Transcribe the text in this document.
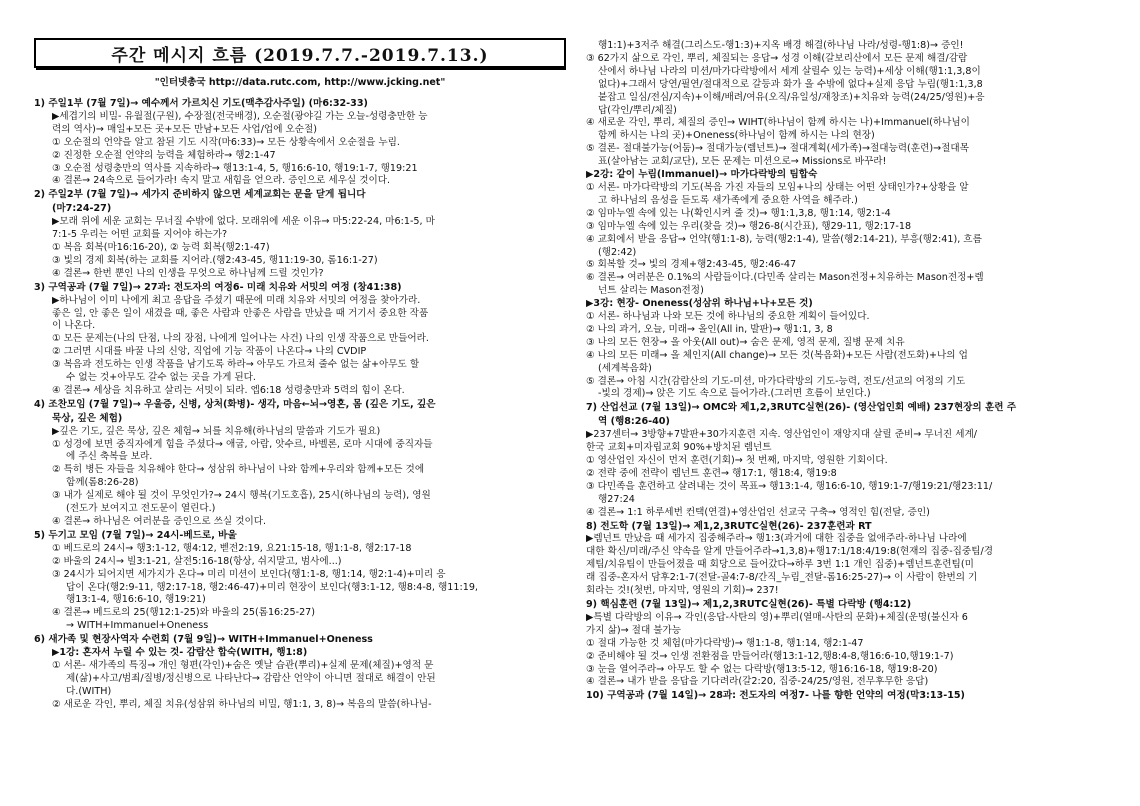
주간 메시지 흐름 (2019.7.7.-2019.7.13.)
"인터넷총국 http://data.rutc.com, http://www.jcking.net"
1) 주일1부 (7월 7일)→ 예수께서 가르치신 기도(맥추감사주일) (마6:32-33)
▶세겹기의 비밀- 유월절(구원), 수장절(전국배경), 오순절(광야길 가는 오늘-성령충만한 능
력의 역사)→ 매일+모든 곳+모든 만남+모든 사업/업에 오순절)
① 오순절의 언약을 알고 참된 기도 시작(마6:33)→ 모든 상황속에서 오순절을 누림.
② 진정한 오순절 언약의 능력을 체험하라→ 행2:1-47
③ 오순절 성령충만의 역사를 지속하라→ 행13:1-4, 5, 행16:6-10, 행19:1-7, 행19:21
④ 결론→ 24속으로 들어가라! 속지 말고 새힘을 얻으라. 증인으로 세우실 것이다.
2) 주일2부 (7월 7일)→ 세가지 준비하지 않으면 세계교회는 문을 닫게 됩니다
(마7:24-27)
▶모래 위에 세운 교회는 무너질 수밖에 없다. 모래위에 세운 이유→ 마5:22-24, 마6:1-5, 마
7:1-5 우리는 어떤 교회를 지어야 하는가?
① 복음 회복(마16:16-20), ② 능력 회복(행2:1-47)
③ 빛의 경제 회복(하는 교회를 지어라.(행2:43-45, 행11:19-30, 롬16:1-27)
④ 결론→ 한번 뿐인 나의 인생을 무엇으로 하나님께 드릴 것인가?
3) 구역공과 (7월 7일)→ 27과: 전도자의 여정6- 미래 치유와 서밋의 여정 (창41:38)
▶하나님이 이미 나에게 최고 응답을 주셨기 때문에 미래 치유와 서밋의 여정을 찾아가라.
좋은 일, 안 좋은 일이 새겼을 때, 좋은 사람과 안좋은 사람을 만났을 때 거기서 중요한 작품
이 나온다.
① 모든 문제는(나의 단점, 나의 장점, 나에게 일어나는 사건) 나의 인생 작품으로 만들어라.
② 그러면 시대를 바꿀 나의 신앙, 직업에 기능 작품이 나온다→ 나의 CVDIP
③ 복음과 전도하는 인생 작품을 남기도록 하라→ 아무도 가르쳐 줄수 없는 삶+아무도 할
수 없는 것+아무도 갈수 없는 곳을 가게 된다.
④ 결론→ 세상을 치유하고 살리는 서밋이 되라. 엡6:18 성령충만과 5력의 힘이 온다.
4) 조찬모임 (7월 7일)→ 우울증, 신병, 상처(화병)- 생각, 마음←뇌→영혼, 몸 (깊은 기도, 깊은
묵상, 깊은 체험)
▶깊은 기도, 깊은 묵상, 깊은 체험→ 뇌를 치유해(하나님의 말씀과 기도가 필요)
① 성경에 보면 중직자에게 힘을 주셨다→ 애굽, 아람, 앗수르, 바벨론, 로마 시대에 중직자들
에 주신 축복을 보라.
② 특히 병든 자들을 치유해야 한다→ 성삼위 하나님이 나와 함께+우리와 함께+모든 것에
함께(롬8:26-28)
③ 내가 실제로 해야 될 것이 무엇인가?→ 24시 행복(기도호흡), 25시(하나님의 능력), 영원
(전도가 보여지고 전도문이 열린다.)
④ 결론→ 하나님은 여러분을 증인으로 쓰실 것이다.
5) 두기고 모임 (7월 7일)→ 24시-베드로, 바울
① 베드로의 24시→ 행3:1-12, 행4:12, 벧전2:19, 요21:15-18, 행1:1-8, 행2:17-18
② 바울의 24시→ 빌3:1-21, 살전5:16-18(항상, 쉬지말고, 범사에...)
③ 24시가 되어지면 세가지가 온다→ 미리 미션이 보인다(행1:1-8, 행1:14, 행2:1-4)+미리 응
답이 온다(행2:9-11, 행2:17-18, 행2:46-47)+미리 현장이 보인다(행3:1-12, 행8:4-8, 행11:19,
행13:1-4, 행16:6-10, 행19:21)
④ 결론→ 베드로의 25(행12:1-25)와 바울의 25(롬16:25-27)
→ WITH+Immanuel+Oneness
6) 새가족 및 현장사역자 수련회 (7월 9일)→ WITH+Immanuel+Oneness
▶1강: 혼자서 누릴 수 있는 것- 감람산 합숙(WITH, 행1:8)
① 서론- 새가족의 특징→ 개인 형편(각인)+숨은 옛날 습관(뿌리)+실제 문제(체질)+영적 문
제(삶)+사고/범죄/질병/정신병으로 나타난다→ 감람산 언약이 아니면 절대로 해결이 안된
다.(WITH)
② 새로운 각인, 뿌리, 체질 치유(성삼위 하나님의 비밀, 행1:1, 3, 8)→ 복음의 말씀(하나님-
행1:1)+3저주 해결(그리스도-행1:3)+지옥 배경 해결(하나님 나라/성령-행1:8)→ 증인!
③ 62가지 삶으로 각인, 뿌리, 체질되는 응답→ 성경 이해(갈보리산에서 모든 문제 해결/감람
산에서 하나님 나라의 미션/마가다락방에서 세계 살릴수 있는 능력)+세상 이해(행1:1,3,8이
없다)+그래서 당연/필연/절대적으로 갈등과 화가 올 수밖에 없다+실제 응답 누림(행1:1,3,8
붙잡고 일심/전심/지속)+이해/배려/여유(오직/유일성/재창조)+치유와 능력(24/25/영원)+응
답(각인/뿌리/체질)
④ 새로운 각인, 뿌리, 체질의 증인→ WIHT(하나님이 함께 하시는 나)+Immanuel(하나님이
함께 하시는 나의 곳)+Oneness(하나님이 함께 하시는 나의 현장)
⑤ 결론- 절대불가능(어둠)→ 절대가능(렘넌트)→ 절대계획(세가족)→절대능력(훈련)→절대목
표(살아남는 교회/교단), 모든 문제는 미션으로→ Missions로 바꾸라!
▶2강: 같이 누림(Immanuel)→ 마가다락방의 팀합숙
① 서론- 마가다락방의 기도(복음 가진 자들의 모임+나의 상태는 어떤 상태인가?+상황을 알
고 하나님의 음성을 듣도록 새가족에게 중요한 사역을 해주라.)
② 임마누엘 속에 있는 나(확인시켜 줄 것)→ 행1:1,3,8, 행1:14, 행2:1-4
③ 임마누엘 속에 있는 우리(찾을 것)→ 행26-8(시간표), 행29-11, 행2:17-18
④ 교회에서 받을 응답→ 언약(행1:1-8), 능력(행2:1-4), 말씀(행2:14-21), 부흥(행2:41), 흐름
(행2:42)
⑤ 회복할 것→ 빛의 경제+행2:43-45, 행2:46-47
⑥ 결론→ 여러분은 0.1%의 사람들이다.(다민족 살리는 Mason전정+치유하는 Mason전정+렘
넌트 살리는 Mason전정)
▶3강: 현장- Oneness(성삼위 하나님+나+모든 것)
① 서론- 하나님과 나와 모든 것에 하나님의 중요한 계획이 들어있다.
② 나의 과거, 오늘, 미래→ 올인(All in, 발판)→ 행1:1, 3, 8
③ 나의 모든 현장→ 올 아웃(All out)→ 숨은 문제, 영적 문제, 질병 문제 치유
④ 나의 모든 미래→ 올 체인지(All change)→ 모든 것(복음화)+모든 사람(전도화)+나의 업
(세계복음화)
⑤ 결론→ 아침 시간(감람산의 기도-미션, 마가다락방의 기도-능력, 전도/선교의 여정의 기도
-빛의 경제)→ 앉은 기도 속으로 들어가라.(그러면 흐름이 보인다.)
7) 산업선교 (7월 13일)→ OMC와 제1,2,3RUTC실현(26)- (영산업인회 예배) 237현장의 훈련 주
역 (행8:26-40)
▶237센터→ 3방향+7발판+30가지훈련 지속. 영산업인이 재앙지대 살릴 준비→ 무너진 세계/
한국 교회+미자립교회 90%+방치된 렘넌트
① 영산업인 자신이 먼저 훈련(기회)→ 첫 번째, 마지막, 영원한 기회이다.
② 전략 중에 전략이 렘넌트 훈련→ 행17:1, 행18:4, 행19:8
③ 다민족을 훈련하고 살려내는 것이 목표→ 행13:1-4, 행16:6-10, 행19:1-7/행19:21/행23:11/
행27:24
④ 결론→ 1:1 하루세번 컨택(연결)+영산업인 선교국 구축→ 영적인 힘(전달, 증인)
8) 전도학 (7월 13일)→ 제1,2,3RUTC실현(26)- 237훈련과 RT
▶렘넌트 만났을 때 세가지 집중해주라→ 행1:3(과거에 대한 집중을 없애주라-하나님 나라에
대한 확신/미래/주신 약속을 알게 만들어주라→1,3,8)+행17:1/18:4/19:8(현재의 집중-집중팀/경
제팀/치유팀이 만들어졌을 때 회당으로 들어갔다→하루 3번 1:1 개인 집중)+렘넌트훈련팀(미
래 집중-혼자서 담후2:1-7(전달-골4:7-8/간직_누림_전달-롬16:25-27)→ 이 사람이 한번의 기
회라는 것!(첫번, 마지막, 영원의 기회)→ 237!
9) 핵심훈련 (7월 13일)→ 제1,2,3RUTC실현(26)- 특별 다락방 (행4:12)
▶특별 다락방의 이유→ 각인(응답-사탄의 영)+뿌리(열매-사탄의 문화)+체질(운명(불신자 6
가지 삶)→ 절대 불가능
① 절대 가능한 것 체험(마가다락방)→ 행1:1-8, 행1:14, 행2:1-47
② 준비해야 될 것→ 인생 전환점을 만들어라(행13:1-12,행8:4-8,행16:6-10,행19:1-7)
③ 눈을 열어주라→ 아무도 할 수 없는 다락방(행13:5-12, 행16:16-18, 행19:8-20)
④ 결론→ 내가 받을 응답을 기다려라(갈2:20, 집중-24/25/영원, 전무후무한 응답)
10) 구역공과 (7월 14일)→ 28과: 전도자의 여정7- 나를 향한 언약의 여정(막3:13-15)
